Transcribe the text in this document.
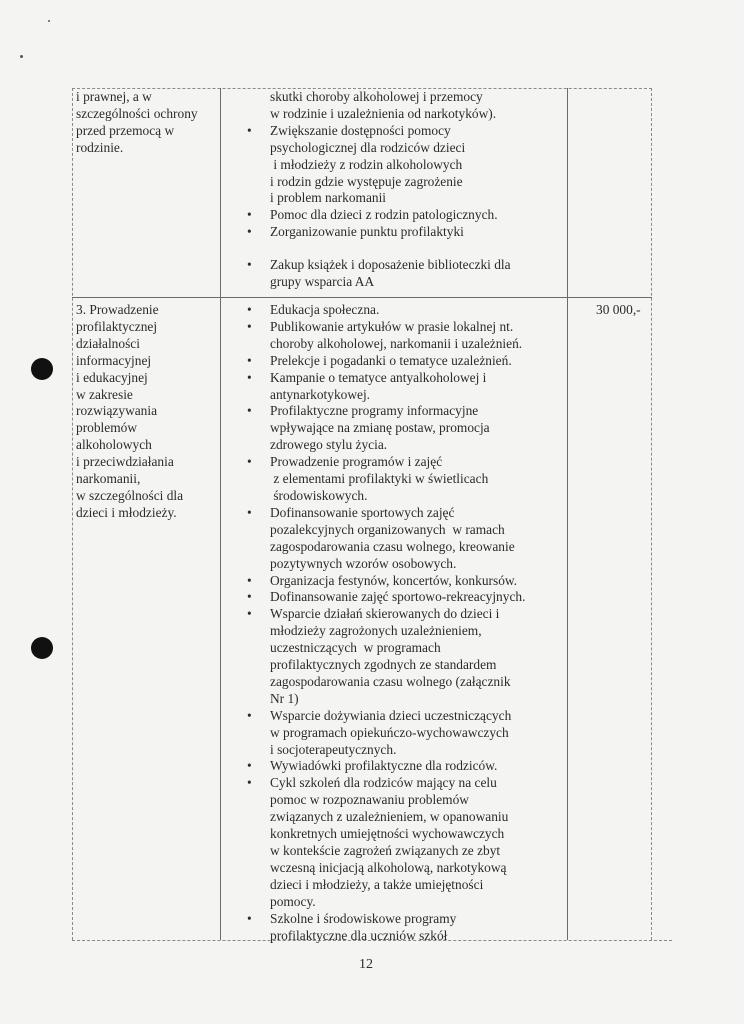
i prawnej, a w
szczególności ochrony
przed przemocą w
rodzinie.
skutki choroby alkoholowej i przemocy
w rodzinie i uzależnienia od narkotyków).
• Zwiększanie dostępności pomocy
psychologicznej dla rodziców dzieci
i młodzieży z rodzin alkoholowych
i rodzin gdzie występuje zagrożenie
i problem narkomanii
• Pomoc dla dzieci z rodzin patologicznych.
• Zorganizowanie punktu profilaktyki
• Zakup książek i doposażenie biblioteczki dla
grupy wsparcia AA
3. Prowadzenie
profilaktycznej
działalności
informacyjnej
i edukacyjnej
w zakresie
rozwiązywania
problemów
alkoholowych
i przeciwdziałania
narkomanii,
w szczególności dla
dzieci i młodzieży.
• Edukacja społeczna.
• Publikowanie artykułów w prasie lokalnej nt.
choroby alkoholowej, narkomanii i uzależnień.
• Prelekcje i pogadanki o tematyce uzależnień.
• Kampanie o tematyce antyalkoholowej i
antynarkotykowej.
• Profilaktyczne programy informacyjne
wpływające na zmianę postaw, promocja
zdrowego stylu życia.
• Prowadzenie programów i zajęć
z elementami profilaktyki w świetlicach
środowiskowych.
• Dofinansowanie sportowych zajęć
pozalekcyjnych organizowanych  w ramach
zagospodarowania czasu wolnego, kreowanie
pozytywnych wzorów osobowych.
• Organizacja festynów, koncertów, konkursów.
• Dofinansowanie zajęć sportowo-rekreacyjnych.
• Wsparcie działań skierowanych do dzieci i
młodzieży zagrożonych uzależnieniem,
uczestniczących  w programach
profilaktycznych zgodnych ze standardem
zagospodarowania czasu wolnego (załącznik
Nr 1)
• Wsparcie dożywiania dzieci uczestniczących
w programach opiekuńczo-wychowawczych
i socjoterapeutycznych.
• Wywiadówki profilaktyczne dla rodziców.
• Cykl szkoleń dla rodziców mający na celu
pomoc w rozpoznawaniu problemów
związanych z uzależnieniem, w opanowaniu
konkretnych umiejętności wychowawczych
w kontekście zagrożeń związanych ze zbyt
wczesną inicjacją alkoholową, narkotykową
dzieci i młodzieży, a także umiejętności
pomocy.
• Szkolne i środowiskowe programy
profilaktyczne dla uczniów szkół
30 000,-
12
